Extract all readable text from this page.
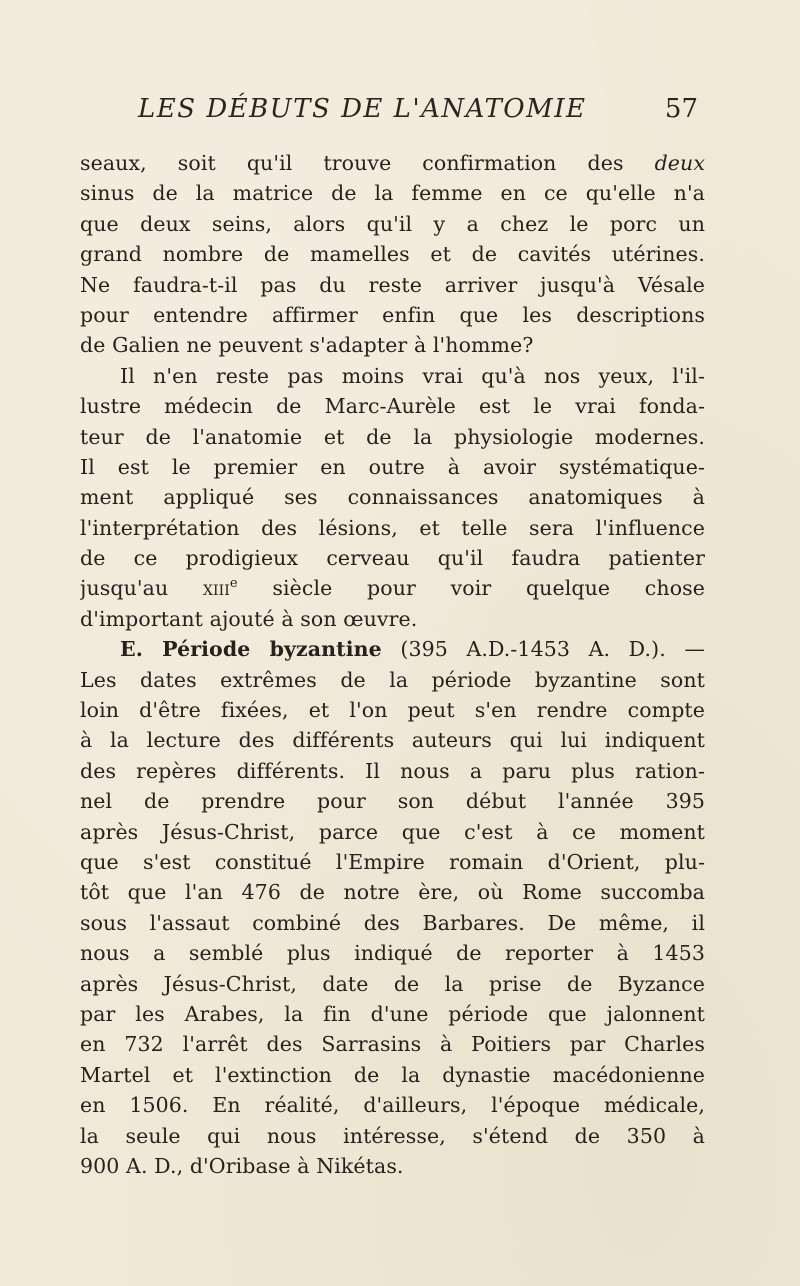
LES DÉBUTS DE L'ANATOMIE	57
seaux, soit qu'il trouve confirmation des deux
sinus de la matrice de la femme en ce qu'elle n'a
que deux seins, alors qu'il y a chez le porc un
grand nombre de mamelles et de cavités utérines.
Ne faudra-t-il pas du reste arriver jusqu'à Vésale
pour entendre affirmer enfin que les descriptions
de Galien ne peuvent s'adapter à l'homme?
Il n'en reste pas moins vrai qu'à nos yeux, l'il-
lustre médecin de Marc-Aurèle est le vrai fonda-
teur de l'anatomie et de la physiologie modernes.
Il est le premier en outre à avoir systématique-
ment appliqué ses connaissances anatomiques à
l'interprétation des lésions, et telle sera l'influence
de ce prodigieux cerveau qu'il faudra patienter
jusqu'au xiii$^e$ siècle pour voir quelque chose
d'important ajouté à son œuvre.
E. Période byzantine (395 A.D.-1453 A. D.). —
Les dates extrêmes de la période byzantine sont
loin d'être fixées, et l'on peut s'en rendre compte
à la lecture des différents auteurs qui lui indiquent
des repères différents. Il nous a paru plus ration-
nel de prendre pour son début l'année 395
après Jésus-Christ, parce que c'est à ce moment
que s'est constitué l'Empire romain d'Orient, plu-
tôt que l'an 476 de notre ère, où Rome succomba
sous l'assaut combiné des Barbares. De même, il
nous a semblé plus indiqué de reporter à 1453
après Jésus-Christ, date de la prise de Byzance
par les Arabes, la fin d'une période que jalonnent
en 732 l'arrêt des Sarrasins à Poitiers par Charles
Martel et l'extinction de la dynastie macédonienne
en 1506. En réalité, d'ailleurs, l'époque médicale,
la seule qui nous intéresse, s'étend de 350 à
900 A. D., d'Oribase à Nikétas.
